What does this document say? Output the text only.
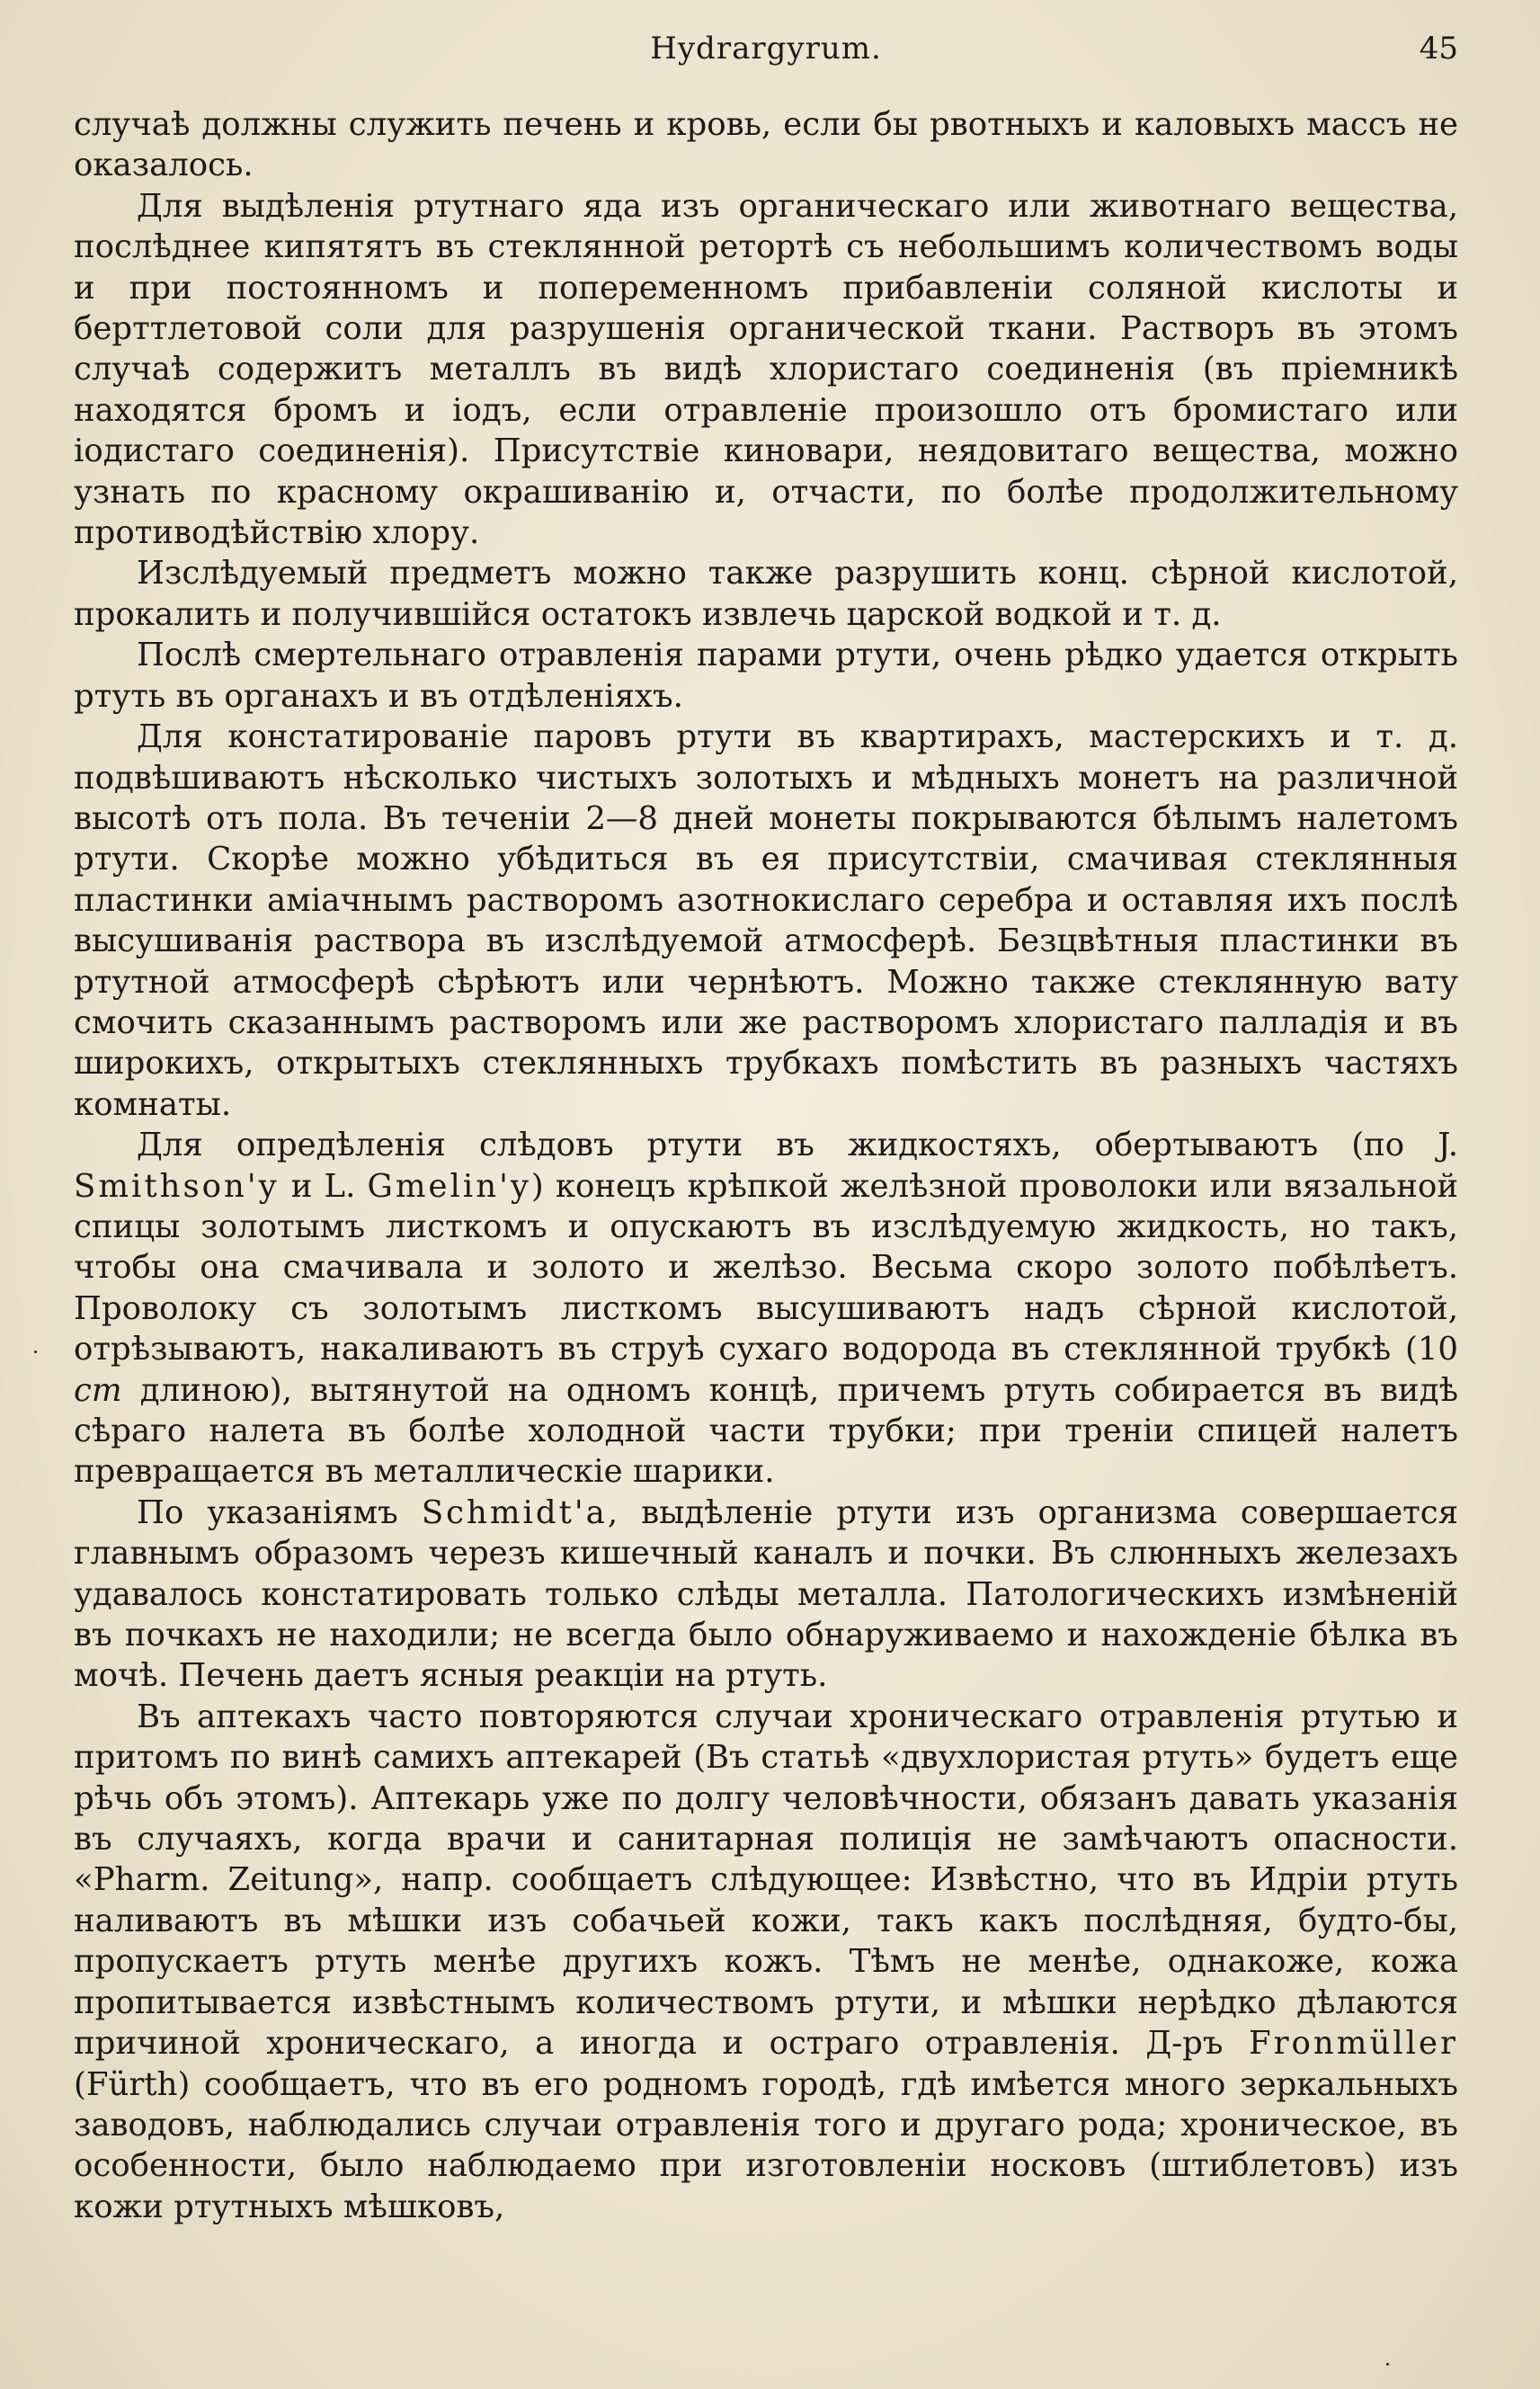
Hydrargyrum.	45

случаѣ должны служить печень и кровь, если бы рвотныхъ и каловыхъ массъ не оказалось.

Для выдѣленія ртутнаго яда изъ органическаго или животнаго вещества, послѣднее кипятятъ въ стеклянной ретортѣ съ небольшимъ количествомъ воды и при постоянномъ и попеременномъ прибавленіи соляной кислоты и берттлетовой соли для разрушенія органической ткани. Растворъ въ этомъ случаѣ содержитъ металлъ въ видѣ хлористаго соединенія (въ пріемникѣ находятся бромъ и іодъ, если отравленіе произошло отъ бромистаго или іодистаго соединенія). Присутствіе киновари, неядовитаго вещества, можно узнать по красному окрашиванію и, отчасти, по болѣе продолжительному противодѣйствію хлору.

Изслѣдуемый предметъ можно также разрушить конц. сѣрной кислотой, прокалить и получившійся остатокъ извлечь царской водкой и т. д.

Послѣ смертельнаго отравленія парами ртути, очень рѣдко удается открыть ртуть въ органахъ и въ отдѣленіяхъ.

Для констатированіе паровъ ртути въ квартирахъ, мастерскихъ и т. д. подвѣшиваютъ нѣсколько чистыхъ золотыхъ и мѣдныхъ монетъ на различной высотѣ отъ пола. Въ теченіи 2—8 дней монеты покрываются бѣлымъ налетомъ ртути. Скорѣе можно убѣдиться въ ея присутствіи, смачивая стеклянныя пластинки аміачнымъ растворомъ азотнокислаго серебра и оставляя ихъ послѣ высушиванія раствора въ изслѣдуемой атмосферѣ. Безцвѣтныя пластинки въ ртутной атмосферѣ сѣрѣютъ или чернѣютъ. Можно также стеклянную вату смочить сказаннымъ растворомъ или же растворомъ хлористаго палладія и въ широкихъ, открытыхъ стеклянныхъ трубкахъ помѣстить въ разныхъ частяхъ комнаты.

Для опредѣленія слѣдовъ ртути въ жидкостяхъ, обертываютъ (по J. Smithson'y и L. Gmelin'y) конецъ крѣпкой желѣзной проволоки или вязальной спицы золотымъ листкомъ и опускаютъ въ изслѣдуемую жидкость, но такъ, чтобы она смачивала и золото и желѣзо. Весьма скоро золото побѣлѣетъ. Проволоку съ золотымъ листкомъ высушиваютъ надъ сѣрной кислотой, отрѣзываютъ, накаливаютъ въ струѣ сухаго водорода въ стеклянной трубкѣ (10 cm длиною), вытянутой на одномъ концѣ, причемъ ртуть собирается въ видѣ сѣраго налета въ болѣе холодной части трубки; при треніи спицей налетъ превращается въ металлическіе шарики.

По указаніямъ Schmidt'a, выдѣленіе ртути изъ организма совершается главнымъ образомъ черезъ кишечный каналъ и почки. Въ слюнныхъ железахъ удавалось констатировать только слѣды металла. Патологическихъ измѣненій въ почкахъ не находили; не всегда было обнаруживаемо и нахожденіе бѣлка въ мочѣ. Печень даетъ ясныя реакціи на ртуть.

Въ аптекахъ часто повторяются случаи хроническаго отравленія ртутью и притомъ по винѣ самихъ аптекарей (Въ статьѣ «двухлористая ртуть» будетъ еще рѣчь объ этомъ). Аптекарь уже по долгу человѣчности, обязанъ давать указанія въ случаяхъ, когда врачи и санитарная полиція не замѣчаютъ опасности. «Pharm. Zeitung», напр. сообщаетъ слѣдующее: Извѣстно, что въ Идріи ртуть наливаютъ въ мѣшки изъ собачьей кожи, такъ какъ послѣдняя, будто-бы, пропускаетъ ртуть менѣе другихъ кожъ. Тѣмъ не менѣе, однакоже, кожа пропитывается извѣстнымъ количествомъ ртути, и мѣшки нерѣдко дѣлаются причиной хроническаго, а иногда и остраго отравленія. Д-ръ Fronmüller (Fürth) сообщаетъ, что въ его родномъ городѣ, гдѣ имѣется много зеркальныхъ заводовъ, наблюдались случаи отравленія того и другаго рода; хроническое, въ особенности, было наблюдаемо при изготовленіи носковъ (штиблетовъ) изъ кожи ртутныхъ мѣшковъ,
